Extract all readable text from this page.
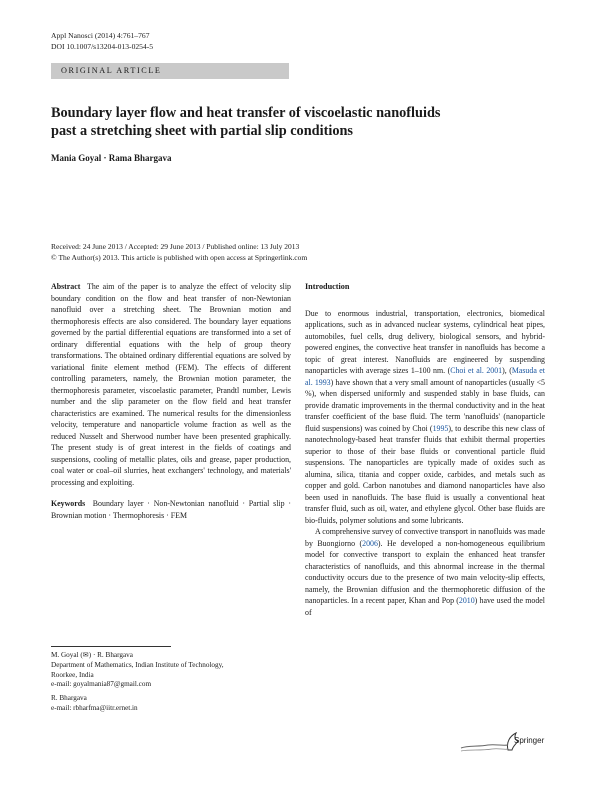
Appl Nanosci (2014) 4:761–767
DOI 10.1007/s13204-013-0254-5
ORIGINAL ARTICLE
Boundary layer flow and heat transfer of viscoelastic nanofluids
past a stretching sheet with partial slip conditions
Mania Goyal · Rama Bhargava
Received: 24 June 2013 / Accepted: 29 June 2013 / Published online: 13 July 2013
© The Author(s) 2013. This article is published with open access at Springerlink.com

Abstract The aim of the paper is to analyze the effect of velocity slip boundary condition on the flow and heat transfer of non-Newtonian nanofluid over a stretching sheet. The Brownian motion and thermophoresis effects are also considered. The boundary layer equations governed by the partial differential equations are transformed into a set of ordinary differential equations with the help of group theory transformations. The obtained ordinary differential equations are solved by variational finite element method (FEM). The effects of different controlling parameters, namely, the Brownian motion parameter, the thermophoresis parameter, viscoelastic parameter, Prandtl number, Lewis number and the slip parameter on the flow field and heat transfer characteristics are examined. The numerical results for the dimensionless velocity, temperature and nanoparticle volume fraction as well as the reduced Nusselt and Sherwood number have been presented graphically. The present study is of great interest in the fields of coatings and suspensions, cooling of metallic plates, oils and grease, paper production, coal water or coal–oil slurries, heat exchangers' technology, and materials' processing and exploiting.

Keywords Boundary layer · Non-Newtonian nanofluid · Partial slip · Brownian motion · Thermophoresis · FEM

M. Goyal (✉) · R. Bhargava
Department of Mathematics, Indian Institute of Technology,
Roorkee, India
e-mail: goyalmania87@gmail.com
R. Bhargava
e-mail: rbharfma@iitr.ernet.in
Introduction

Due to enormous industrial, transportation, electronics, biomedical applications, such as in advanced nuclear systems, cylindrical heat pipes, automobiles, fuel cells, drug delivery, biological sensors, and hybrid-powered engines, the convective heat transfer in nanofluids has become a topic of great interest. Nanofluids are engineered by suspending nanoparticles with average sizes 1–100 nm. (Choi et al. 2001), (Masuda et al. 1993) have shown that a very small amount of nanoparticles (usually <5 %), when dispersed uniformly and suspended stably in base fluids, can provide dramatic improvements in the thermal conductivity and in the heat transfer coefficient of the base fluid. The term 'nanofluids' (nanoparticle fluid suspensions) was coined by Choi (1995), to describe this new class of nanotechnology-based heat transfer fluids that exhibit thermal properties superior to those of their base fluids or conventional particle fluid suspensions. The nanoparticles are typically made of oxides such as alumina, silica, titania and copper oxide, carbides, and metals such as copper and gold. Carbon nanotubes and diamond nanoparticles have also been used in nanofluids. The base fluid is usually a conventional heat transfer fluid, such as oil, water, and ethylene glycol. Other base fluids are bio-fluids, polymer solutions and some lubricants.

A comprehensive survey of convective transport in nanofluids was made by Buongiorno (2006). He developed a non-homogeneous equilibrium model for convective transport to explain the enhanced heat transfer characteristics of nanofluids, and this abnormal increase in the thermal conductivity occurs due to the presence of two main velocity-slip effects, namely, the Brownian diffusion and the thermophoretic diffusion of the nanoparticles. In a recent paper, Khan and Pop (2010) have used the model of

Springer
